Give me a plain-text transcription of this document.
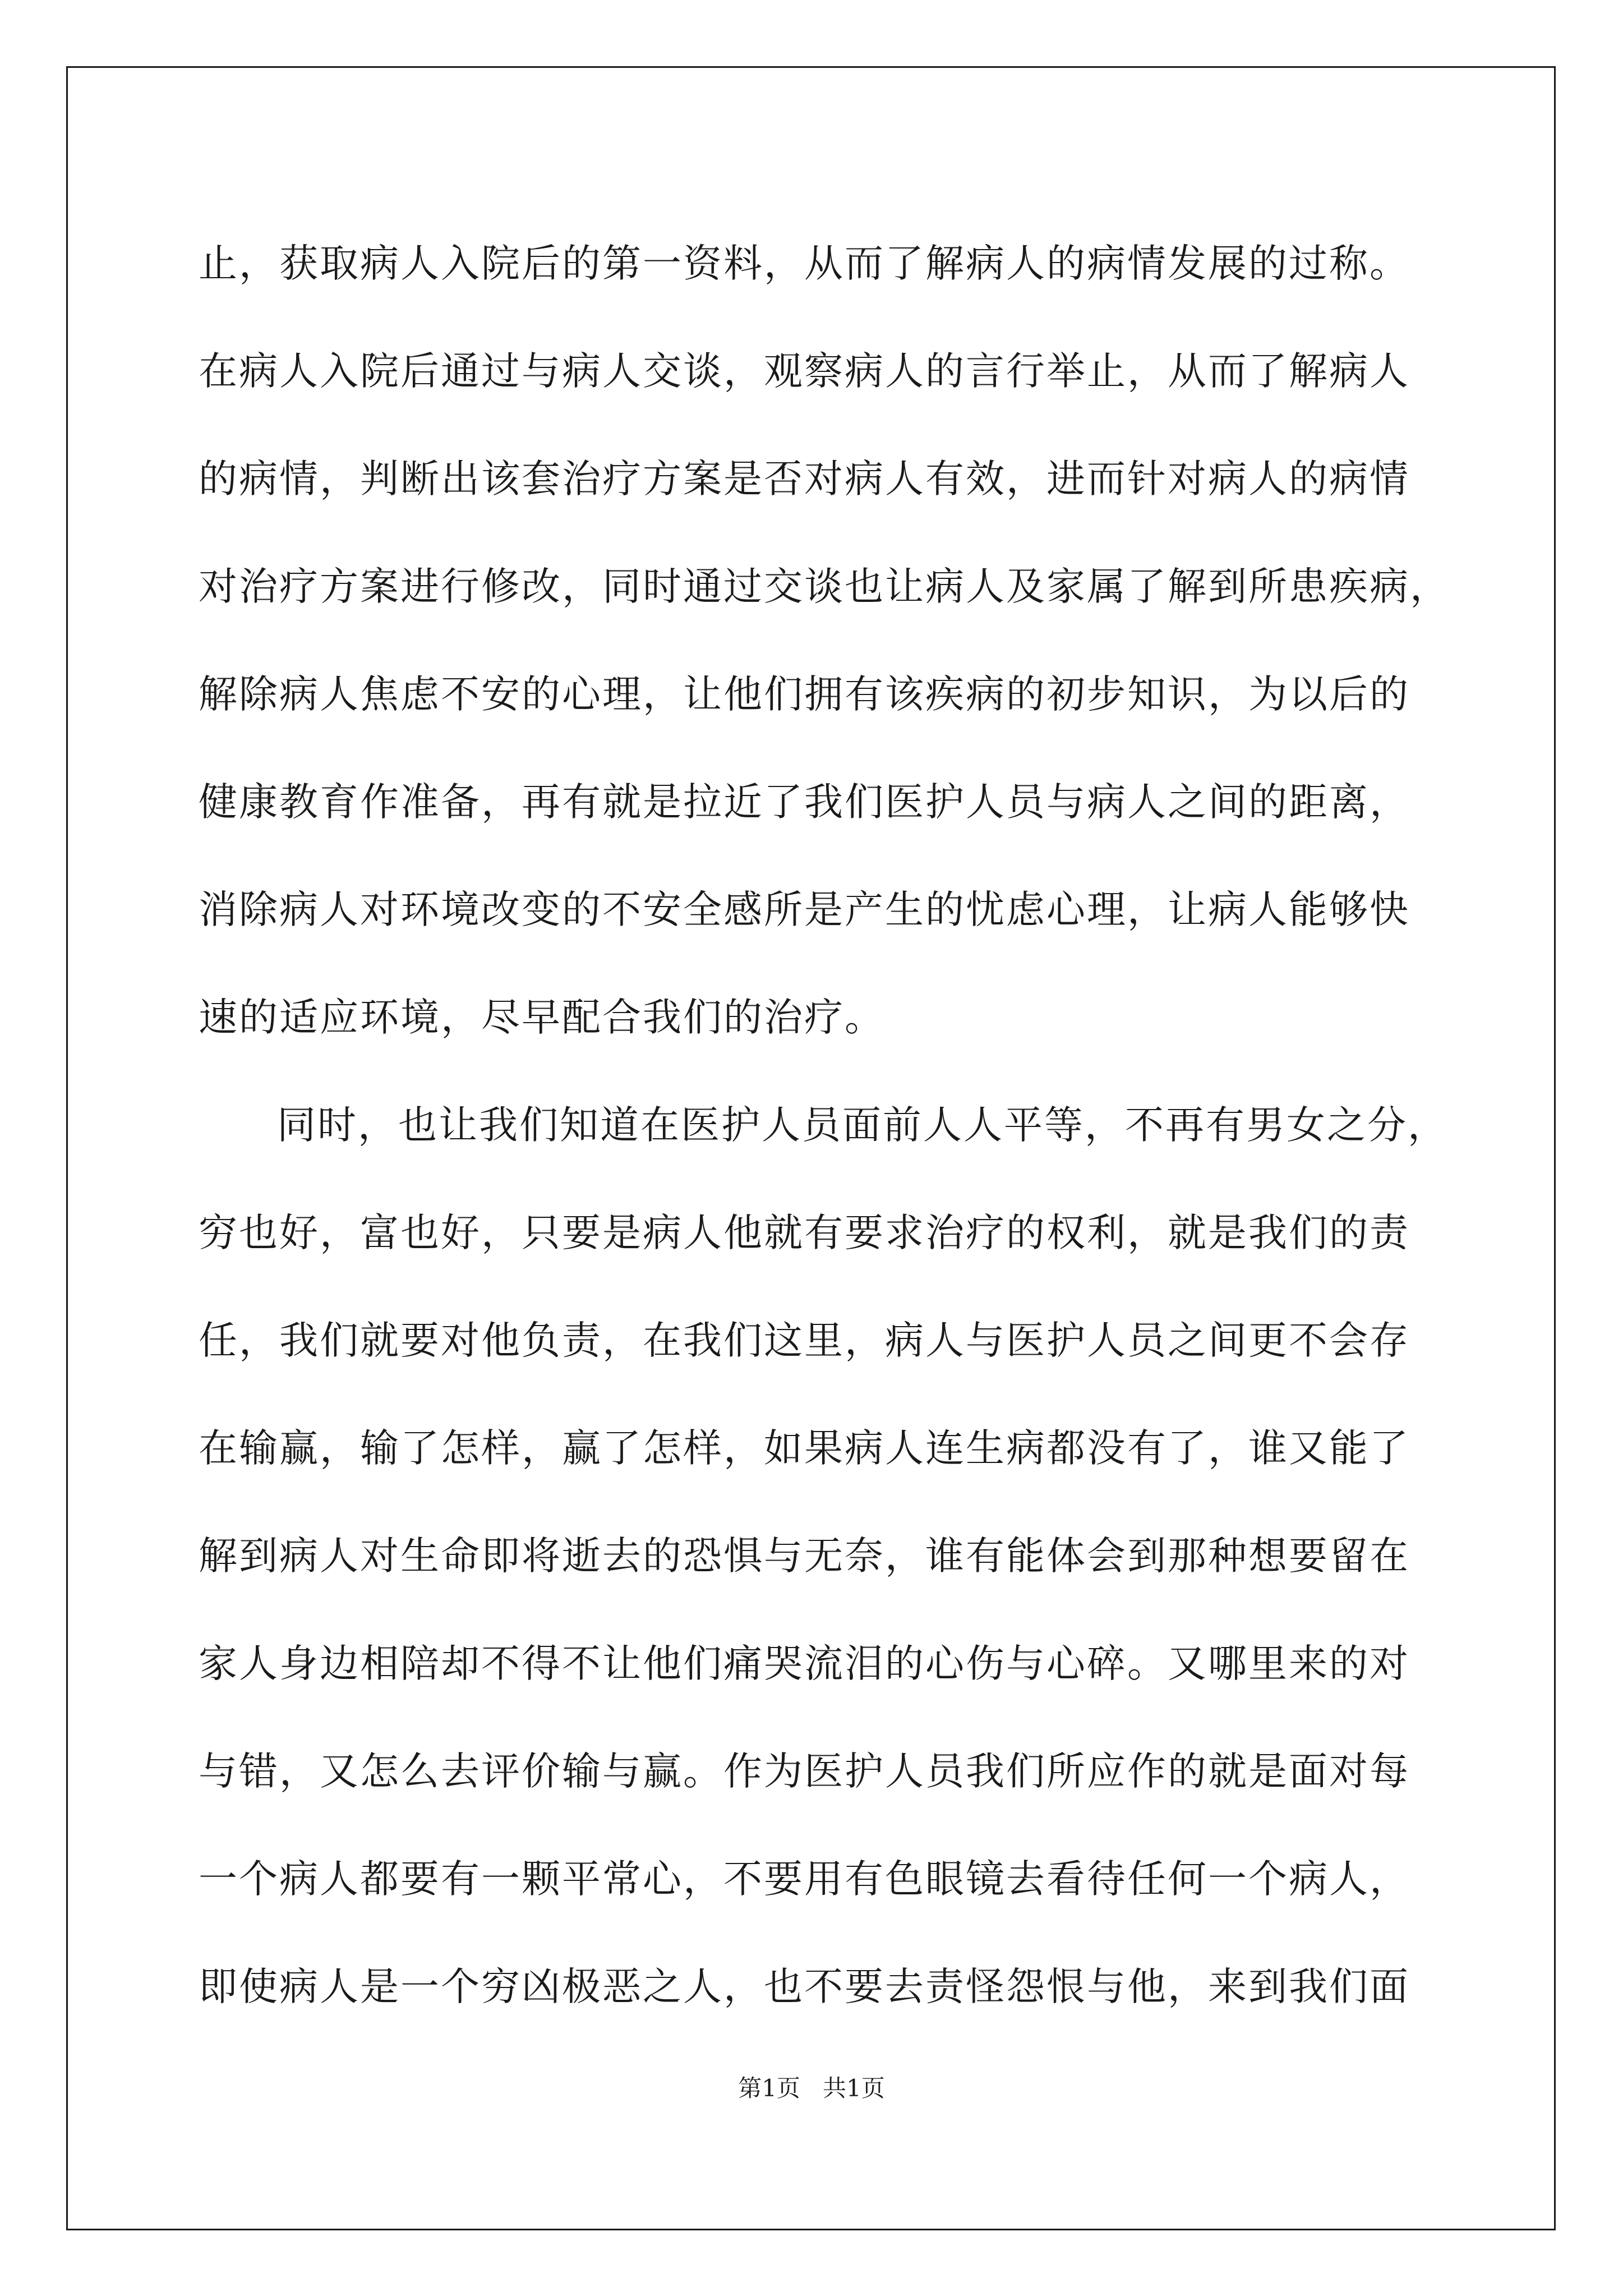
止，获取病人入院后的第一资料，从而了解病人的病情发展的过称。
在病人入院后通过与病人交谈，观察病人的言行举止，从而了解病人
的病情，判断出该套治疗方案是否对病人有效，进而针对病人的病情
对治疗方案进行修改，同时通过交谈也让病人及家属了解到所患疾病，
解除病人焦虑不安的心理，让他们拥有该疾病的初步知识，为以后的
健康教育作准备，再有就是拉近了我们医护人员与病人之间的距离，
消除病人对环境改变的不安全感所是产生的忧虑心理，让病人能够快
速的适应环境，尽早配合我们的治疗。
同时，也让我们知道在医护人员面前人人平等，不再有男女之分，
穷也好，富也好，只要是病人他就有要求治疗的权利，就是我们的责
任，我们就要对他负责，在我们这里，病人与医护人员之间更不会存
在输赢，输了怎样，赢了怎样，如果病人连生病都没有了，谁又能了
解到病人对生命即将逝去的恐惧与无奈，谁有能体会到那种想要留在
家人身边相陪却不得不让他们痛哭流泪的心伤与心碎。又哪里来的对
与错，又怎么去评价输与赢。作为医护人员我们所应作的就是面对每
一个病人都要有一颗平常心，不要用有色眼镜去看待任何一个病人，
即使病人是一个穷凶极恶之人，也不要去责怪怨恨与他，来到我们面
第1页   共1页
